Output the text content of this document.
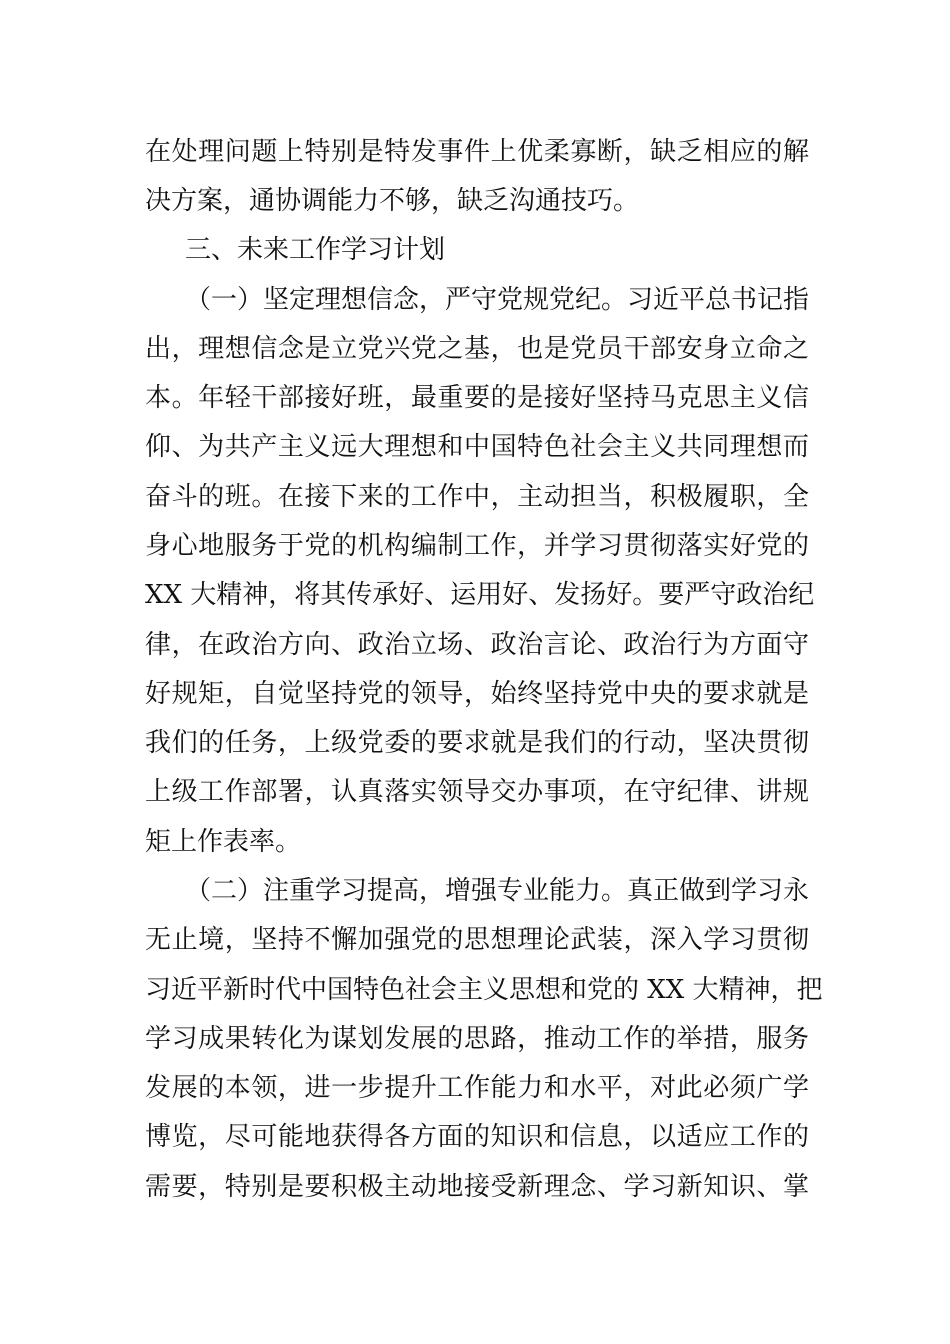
在处理问题上特别是特发事件上优柔寡断，缺乏相应的解
决方案，通协调能力不够，缺乏沟通技巧。
三、未来工作学习计划
（一）坚定理想信念，严守党规党纪。习近平总书记指
出，理想信念是立党兴党之基，也是党员干部安身立命之
本。年轻干部接好班，最重要的是接好坚持马克思主义信
仰、为共产主义远大理想和中国特色社会主义共同理想而
奋斗的班。在接下来的工作中，主动担当，积极履职，全
身心地服务于党的机构编制工作，并学习贯彻落实好党的
XX 大精神，将其传承好、运用好、发扬好。要严守政治纪
律，在政治方向、政治立场、政治言论、政治行为方面守
好规矩，自觉坚持党的领导，始终坚持党中央的要求就是
我们的任务，上级党委的要求就是我们的行动，坚决贯彻
上级工作部署，认真落实领导交办事项，在守纪律、讲规
矩上作表率。
（二）注重学习提高，增强专业能力。真正做到学习永
无止境，坚持不懈加强党的思想理论武装，深入学习贯彻
习近平新时代中国特色社会主义思想和党的 XX 大精神，把
学习成果转化为谋划发展的思路，推动工作的举措，服务
发展的本领，进一步提升工作能力和水平，对此必须广学
博览，尽可能地获得各方面的知识和信息，以适应工作的
需要，特别是要积极主动地接受新理念、学习新知识、掌
